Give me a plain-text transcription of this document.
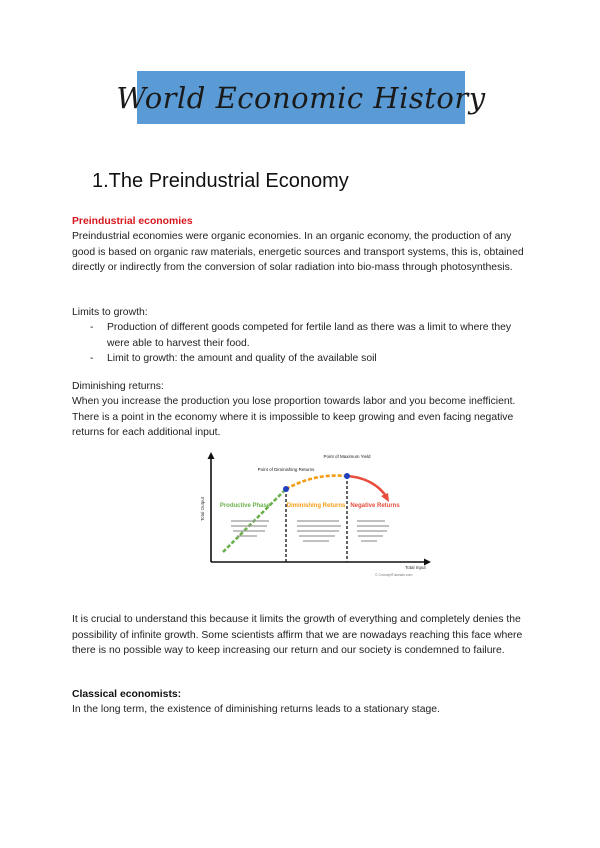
World Economic History
1.The Preindustrial Economy
Preindustrial economies

Preindustrial economies were organic economies. In an organic economy, the production of any good is based on organic raw materials, energetic sources and transport systems, this is, obtained directly or indirectly from the conversion of solar radiation into bio-mass through photosynthesis.

Limits to growth:
- Production of different goods competed for fertile land as there was a limit to where they were able to harvest their food.
- Limit to growth: the amount and quality of the available soil
Diminishing returns:

When you increase the production you lose proportion towards labor and you become inefficient. There is a point in the economy where it is impossible to keep growing and even facing negative returns for each additional input.

Total Output
Total Input
© ConceptTutorials.com
Point of Diminishing Returns
Point of Maximum Yield
Productive Phase	Diminishing Returns Negative Returns

It is crucial to understand this because it limits the growth of everything and completely denies the possibility of infinite growth. Some scientists affirm that we are nowadays reaching this face where there is no possible way to keep increasing our return and our society is condemned to failure.

Classical economists:

In the long term, the existence of diminishing returns leads to a stationary stage.
